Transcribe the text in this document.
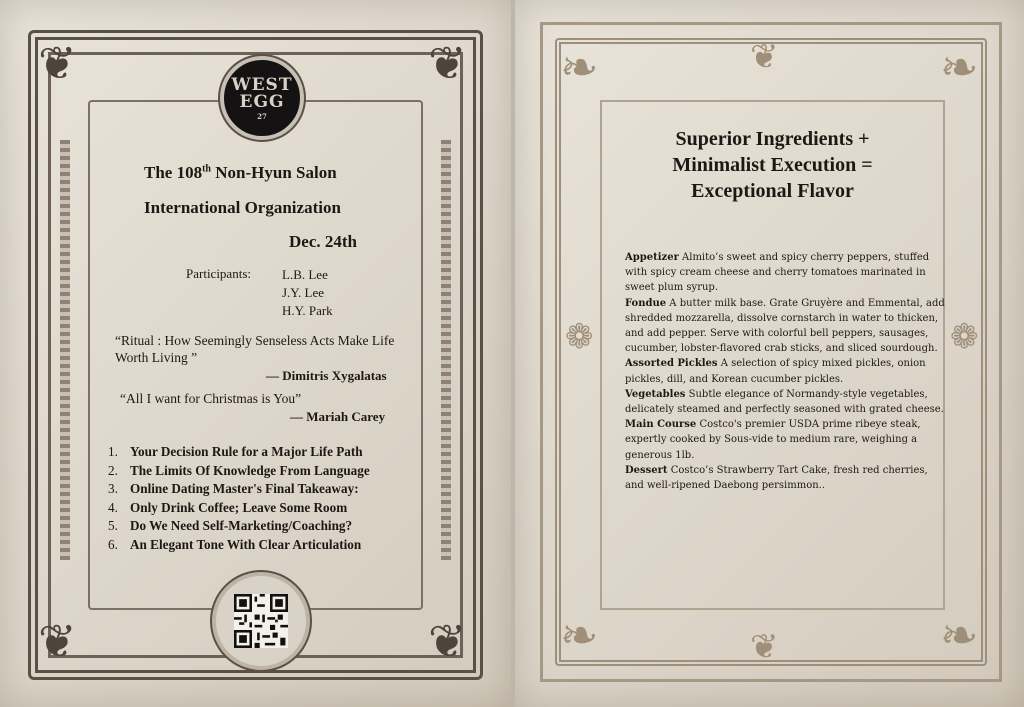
❦	❦
❦	❦
WEST
EGG
27
The 108th Non-Hyun Salon
International Organization
Dec. 24th
Participants: L.B. Lee
J.Y. Lee
H.Y. Park
“Ritual : How Seemingly Senseless Acts Make Life Worth Living ”
— Dimitris Xygalatas
“All I want for Christmas is You”
— Mariah Carey
1. Your Decision Rule for a Major Life Path
2. The Limits Of Knowledge From Language
3. Online Dating Master's Final Takeaway:
4. Only Drink Coffee; Leave Some Room
5. Do We Need Self-Marketing/Coaching?
6. An Elegant Tone With Clear Articulation
❧	❧
❧	❧
❦
❦
❁	❁
Superior Ingredients +
Minimalist Execution =
Exceptional Flavor

Appetizer Almito’s sweet and spicy cherry peppers, stuffed with spicy cream cheese and cherry tomatoes marinated in sweet plum syrup.

Fondue A butter milk base. Grate Gruyère and Emmental, add shredded mozzarella, dissolve cornstarch in water to thicken, and add pepper. Serve with colorful bell peppers, sausages, cucumber, lobster-flavored crab sticks, and sliced sourdough.

Assorted Pickles A selection of spicy mixed pickles, onion pickles, dill, and Korean cucumber pickles.

Vegetables Subtle elegance of Normandy-style vegetables, delicately steamed and perfectly seasoned with grated cheese.

Main Course Costco's premier USDA prime ribeye steak, expertly cooked by Sous-vide to medium rare, weighing a generous 1lb.

Dessert Costco’s Strawberry Tart Cake, fresh red cherries, and well-ripened Daebong persimmon..
